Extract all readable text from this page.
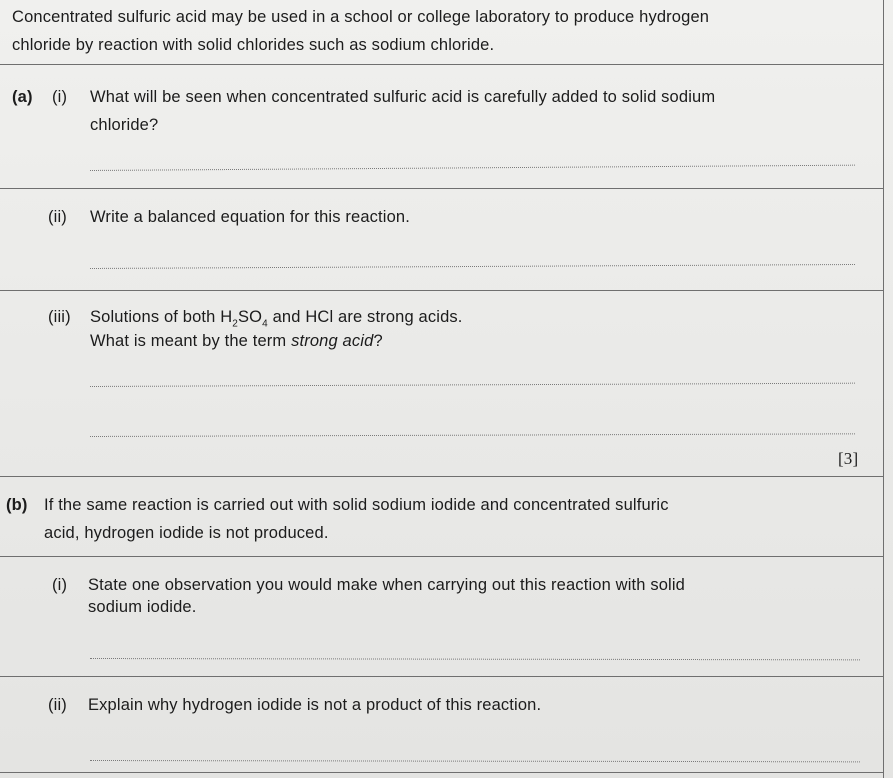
Concentrated sulfuric acid may be used in a school or college laboratory to produce hydrogen
chloride by reaction with solid chlorides such as sodium chloride.
(a) (i) What will be seen when concentrated sulfuric acid is carefully added to solid sodium
chloride?
(ii) Write a balanced equation for this reaction.
(iii) Solutions of both $H_2SO_4$ and HCl are strong acids.
What is meant by the term strong acid?
[3]
(b) If the same reaction is carried out with solid sodium iodide and concentrated sulfuric
acid, hydrogen iodide is not produced.
(i) State one observation you would make when carrying out this reaction with solid
sodium iodide.
(ii) Explain why hydrogen iodide is not a product of this reaction.
